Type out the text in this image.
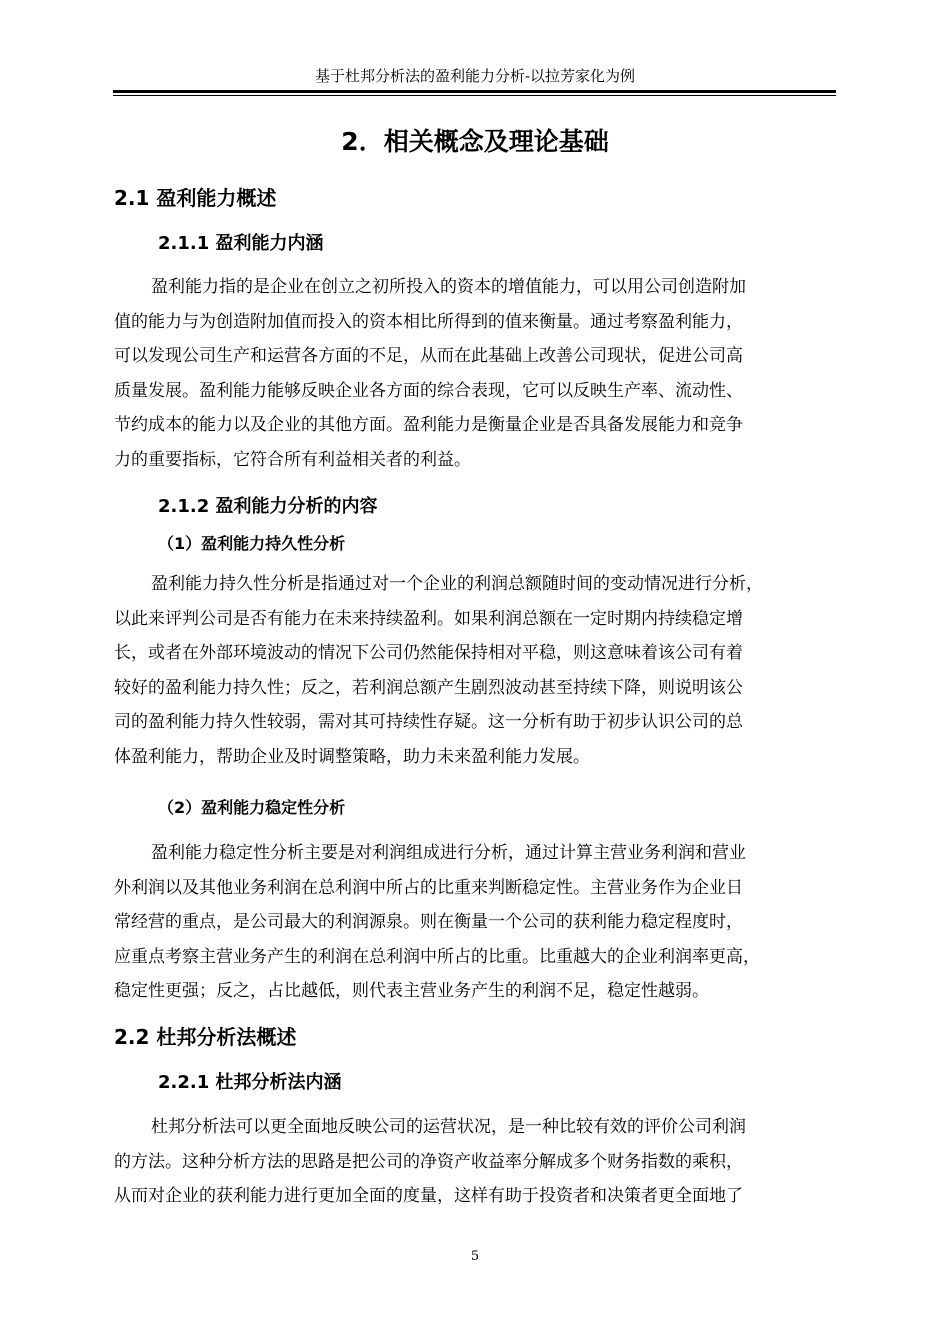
基于杜邦分析法的盈利能力分析-以拉芳家化为例
2．相关概念及理论基础
2.1 盈利能力概述
2.1.1 盈利能力内涵
盈利能力指的是企业在创立之初所投入的资本的增值能力，可以用公司创造附加
值的能力与为创造附加值而投入的资本相比所得到的值来衡量。通过考察盈利能力，
可以发现公司生产和运营各方面的不足，从而在此基础上改善公司现状，促进公司高
质量发展。盈利能力能够反映企业各方面的综合表现，它可以反映生产率、流动性、
节约成本的能力以及企业的其他方面。盈利能力是衡量企业是否具备发展能力和竞争
力的重要指标，它符合所有利益相关者的利益。
2.1.2 盈利能力分析的内容
（1）盈利能力持久性分析
盈利能力持久性分析是指通过对一个企业的利润总额随时间的变动情况进行分析，
以此来评判公司是否有能力在未来持续盈利。如果利润总额在一定时期内持续稳定增
长，或者在外部环境波动的情况下公司仍然能保持相对平稳，则这意味着该公司有着
较好的盈利能力持久性；反之，若利润总额产生剧烈波动甚至持续下降，则说明该公
司的盈利能力持久性较弱，需对其可持续性存疑。这一分析有助于初步认识公司的总
体盈利能力，帮助企业及时调整策略，助力未来盈利能力发展。
（2）盈利能力稳定性分析
盈利能力稳定性分析主要是对利润组成进行分析，通过计算主营业务利润和营业
外利润以及其他业务利润在总利润中所占的比重来判断稳定性。主营业务作为企业日
常经营的重点，是公司最大的利润源泉。则在衡量一个公司的获利能力稳定程度时，
应重点考察主营业务产生的利润在总利润中所占的比重。比重越大的企业利润率更高，
稳定性更强；反之，占比越低，则代表主营业务产生的利润不足，稳定性越弱。
2.2 杜邦分析法概述
2.2.1 杜邦分析法内涵
杜邦分析法可以更全面地反映公司的运营状况，是一种比较有效的评价公司利润
的方法。这种分析方法的思路是把公司的净资产收益率分解成多个财务指数的乘积，
从而对企业的获利能力进行更加全面的度量，这样有助于投资者和决策者更全面地了
5
